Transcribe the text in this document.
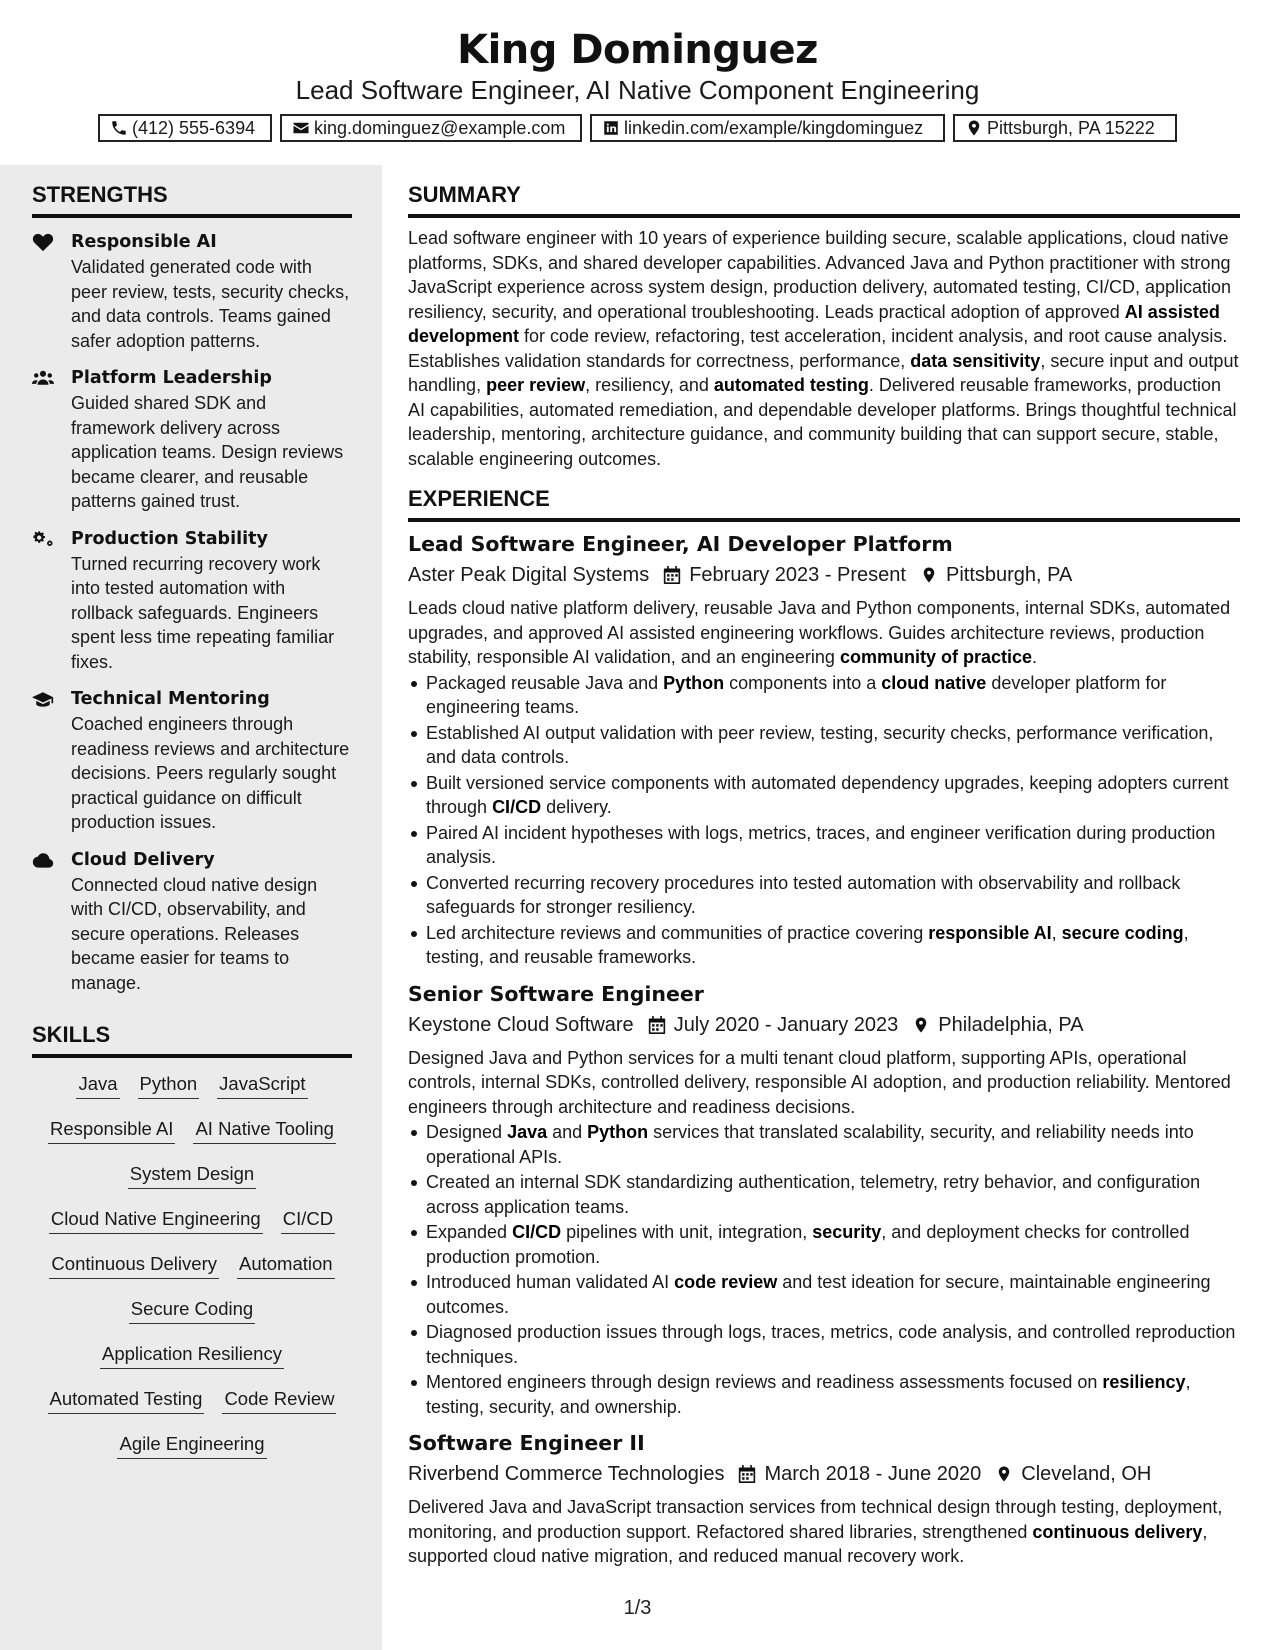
King Dominguez
Lead Software Engineer, AI Native Component Engineering
(412) 555-6394	king.dominguez@example.com	linkedin.com/example/kingdominguez	Pittsburgh, PA 15222
STRENGTHS
Responsible AI
Validated generated code with peer review, tests, security checks, and data controls. Teams gained safer adoption patterns.
Platform Leadership
Guided shared SDK and framework delivery across application teams. Design reviews became clearer, and reusable patterns gained trust.
Production Stability
Turned recurring recovery work into tested automation with rollback safeguards. Engineers spent less time repeating familiar fixes.
Technical Mentoring
Coached engineers through readiness reviews and architecture decisions. Peers regularly sought practical guidance on difficult production issues.
Cloud Delivery
Connected cloud native design with CI/CD, observability, and secure operations. Releases became easier for teams to manage.
SKILLS
Java Python JavaScript
Responsible AI AI Native Tooling
System Design
Cloud Native Engineering CI/CD
Continuous Delivery Automation
Secure Coding
Application Resiliency
Automated Testing Code Review
Agile Engineering
SUMMARY
Lead software engineer with 10 years of experience building secure, scalable applications, cloud native platforms, SDKs, and shared developer capabilities. Advanced Java and Python practitioner with strong JavaScript experience across system design, production delivery, automated testing, CI/CD, application resiliency, security, and operational troubleshooting. Leads practical adoption of approved AI assisted development for code review, refactoring, test acceleration, incident analysis, and root cause analysis. Establishes validation standards for correctness, performance, data sensitivity, secure input and output handling, peer review, resiliency, and automated testing. Delivered reusable frameworks, production AI capabilities, automated remediation, and dependable developer platforms. Brings thoughtful technical leadership, mentoring, architecture guidance, and community building that can support secure, stable, scalable engineering outcomes.
EXPERIENCE
Lead Software Engineer, AI Developer Platform
Aster Peak Digital Systems February 2023 - Present Pittsburgh, PA
Leads cloud native platform delivery, reusable Java and Python components, internal SDKs, automated upgrades, and approved AI assisted engineering workflows. Guides architecture reviews, production stability, responsible AI validation, and an engineering community of practice.
Packaged reusable Java and Python components into a cloud native developer platform for engineering teams.
Established AI output validation with peer review, testing, security checks, performance verification, and data controls.
Built versioned service components with automated dependency upgrades, keeping adopters current through CI/CD delivery.
Paired AI incident hypotheses with logs, metrics, traces, and engineer verification during production analysis.
Converted recurring recovery procedures into tested automation with observability and rollback safeguards for stronger resiliency.
Led architecture reviews and communities of practice covering responsible AI, secure coding, testing, and reusable frameworks.
Senior Software Engineer
Keystone Cloud Software July 2020 - January 2023 Philadelphia, PA
Designed Java and Python services for a multi tenant cloud platform, supporting APIs, operational controls, internal SDKs, controlled delivery, responsible AI adoption, and production reliability. Mentored engineers through architecture and readiness decisions.
Designed Java and Python services that translated scalability, security, and reliability needs into operational APIs.
Created an internal SDK standardizing authentication, telemetry, retry behavior, and configuration across application teams.
Expanded CI/CD pipelines with unit, integration, security, and deployment checks for controlled production promotion.
Introduced human validated AI code review and test ideation for secure, maintainable engineering outcomes.
Diagnosed production issues through logs, traces, metrics, code analysis, and controlled reproduction techniques.
Mentored engineers through design reviews and readiness assessments focused on resiliency, testing, security, and ownership.
Software Engineer II
Riverbend Commerce Technologies March 2018 - June 2020 Cleveland, OH
Delivered Java and JavaScript transaction services from technical design through testing, deployment, monitoring, and production support. Refactored shared libraries, strengthened continuous delivery, supported cloud native migration, and reduced manual recovery work.
1/3
